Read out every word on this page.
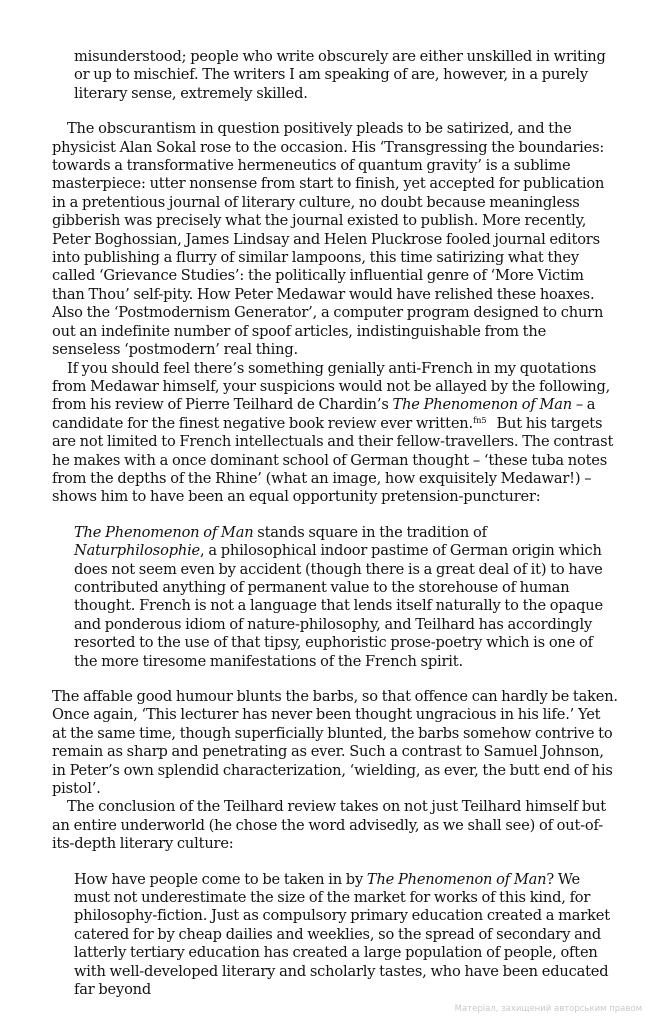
misunderstood; people who write obscurely are either unskilled in writing or up to mischief. The writers I am speaking of are, however, in a purely literary sense, extremely skilled.

The obscurantism in question positively pleads to be satirized, and the physicist Alan Sokal rose to the occasion. His ‘Transgressing the boundaries: towards a transformative hermeneutics of quantum gravity’ is a sublime masterpiece: utter nonsense from start to finish, yet accepted for publication in a pretentious journal of literary culture, no doubt because meaningless gibberish was precisely what the journal existed to publish. More recently, Peter Boghossian, James Lindsay and Helen Pluckrose fooled journal editors into publishing a flurry of similar lampoons, this time satirizing what they called ‘Grievance Studies’: the politically influential genre of ‘More Victim than Thou’ self-pity. How Peter Medawar would have relished these hoaxes. Also the ‘Postmodernism Generator’, a computer program designed to churn out an indefinite number of spoof articles, indistinguishable from the senseless ‘postmodern’ real thing.

If you should feel there’s something genially anti-French in my quotations from Medawar himself, your suspicions would not be allayed by the following, from his review of Pierre Teilhard de Chardin’s The Phenomenon of Man – a candidate for the finest negative book review ever written.$^{fn5}$ But his targets are not limited to French intellectuals and their fellow-travellers. The contrast he makes with a once dominant school of German thought – ‘these tuba notes from the depths of the Rhine’ (what an image, how exquisitely Medawar!) – shows him to have been an equal opportunity pretension-puncturer:

The Phenomenon of Man stands square in the tradition of Naturphilosophie, a philosophical indoor pastime of German origin which does not seem even by accident (though there is a great deal of it) to have contributed anything of permanent value to the storehouse of human thought. French is not a language that lends itself naturally to the opaque and ponderous idiom of nature-philosophy, and Teilhard has accordingly resorted to the use of that tipsy, euphoristic prose-poetry which is one of the more tiresome manifestations of the French spirit.

The affable good humour blunts the barbs, so that offence can hardly be taken. Once again, ‘This lecturer has never been thought ungracious in his life.’ Yet at the same time, though superficially blunted, the barbs somehow contrive to remain as sharp and penetrating as ever. Such a contrast to Samuel Johnson, in Peter’s own splendid characterization, ‘wielding, as ever, the butt end of his pistol’.

The conclusion of the Teilhard review takes on not just Teilhard himself but an entire underworld (he chose the word advisedly, as we shall see) of out-of-its-depth literary culture:

How have people come to be taken in by The Phenomenon of Man? We must not underestimate the size of the market for works of this kind, for philosophy-fiction. Just as compulsory primary education created a market catered for by cheap dailies and weeklies, so the spread of secondary and latterly tertiary education has created a large population of people, often with well-developed literary and scholarly tastes, who have been educated far beyond

Матеріал, захищений авторським правом
